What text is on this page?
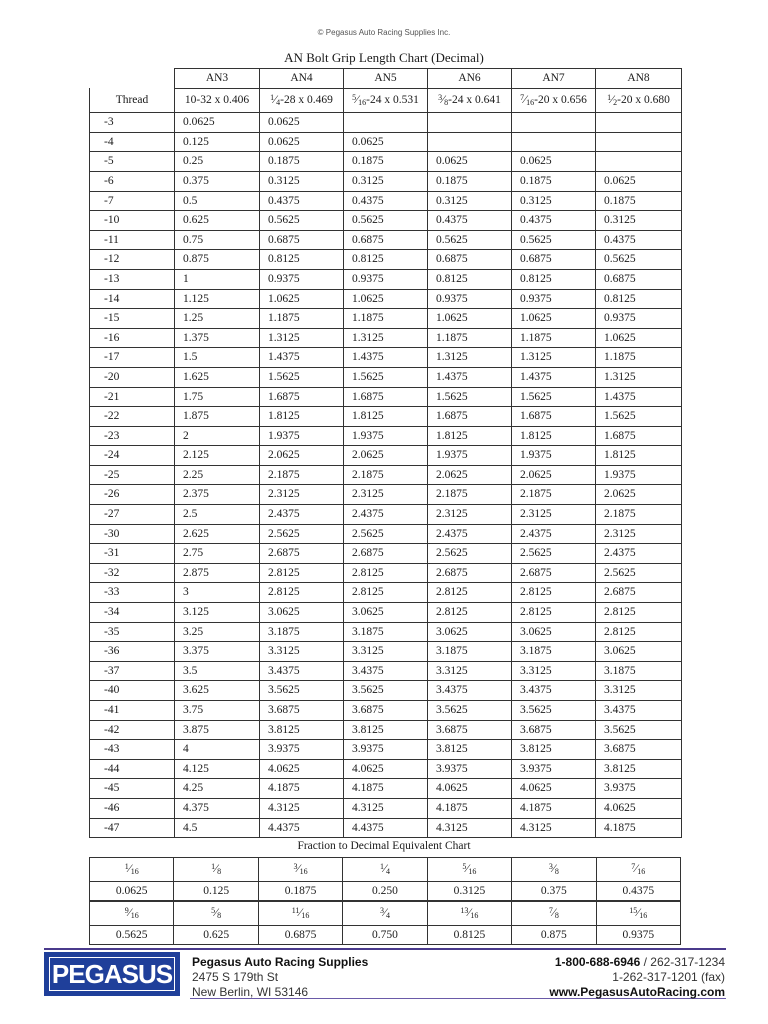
© Pegasus Auto Racing Supplies Inc.
AN Bolt Grip Length Chart (Decimal)
	AN3	AN4	AN5	AN6	AN7	AN8
Thread	10-32 x 0.406	$^1⁄_4-28$ x 0.469	$^5⁄_{16}-24$ x 0.531	$^3⁄_8-24$ x 0.641	$^7⁄_{16}-20$ x 0.656	$^1⁄_2-20$ x 0.680
-3	0.0625	0.0625				
-4	0.125	0.0625	0.0625			
-5	0.25	0.1875	0.1875	0.0625	0.0625	
-6	0.375	0.3125	0.3125	0.1875	0.1875	0.0625
-7	0.5	0.4375	0.4375	0.3125	0.3125	0.1875
-10	0.625	0.5625	0.5625	0.4375	0.4375	0.3125
-11	0.75	0.6875	0.6875	0.5625	0.5625	0.4375
-12	0.875	0.8125	0.8125	0.6875	0.6875	0.5625
-13	1	0.9375	0.9375	0.8125	0.8125	0.6875
-14	1.125	1.0625	1.0625	0.9375	0.9375	0.8125
-15	1.25	1.1875	1.1875	1.0625	1.0625	0.9375
-16	1.375	1.3125	1.3125	1.1875	1.1875	1.0625
-17	1.5	1.4375	1.4375	1.3125	1.3125	1.1875
-20	1.625	1.5625	1.5625	1.4375	1.4375	1.3125
-21	1.75	1.6875	1.6875	1.5625	1.5625	1.4375
-22	1.875	1.8125	1.8125	1.6875	1.6875	1.5625
-23	2	1.9375	1.9375	1.8125	1.8125	1.6875
-24	2.125	2.0625	2.0625	1.9375	1.9375	1.8125
-25	2.25	2.1875	2.1875	2.0625	2.0625	1.9375
-26	2.375	2.3125	2.3125	2.1875	2.1875	2.0625
-27	2.5	2.4375	2.4375	2.3125	2.3125	2.1875
-30	2.625	2.5625	2.5625	2.4375	2.4375	2.3125
-31	2.75	2.6875	2.6875	2.5625	2.5625	2.4375
-32	2.875	2.8125	2.8125	2.6875	2.6875	2.5625
-33	3	2.8125	2.8125	2.8125	2.8125	2.6875
-34	3.125	3.0625	3.0625	2.8125	2.8125	2.8125
-35	3.25	3.1875	3.1875	3.0625	3.0625	2.8125
-36	3.375	3.3125	3.3125	3.1875	3.1875	3.0625
-37	3.5	3.4375	3.4375	3.3125	3.3125	3.1875
-40	3.625	3.5625	3.5625	3.4375	3.4375	3.3125
-41	3.75	3.6875	3.6875	3.5625	3.5625	3.4375
-42	3.875	3.8125	3.8125	3.6875	3.6875	3.5625
-43	4	3.9375	3.9375	3.8125	3.8125	3.6875
-44	4.125	4.0625	4.0625	3.9375	3.9375	3.8125
-45	4.25	4.1875	4.1875	4.0625	4.0625	3.9375
-46	4.375	4.3125	4.3125	4.1875	4.1875	4.0625
-47	4.5	4.4375	4.4375	4.3125	4.3125	4.1875
Fraction to Decimal Equivalent Chart
$^1⁄_{16}$	$^1⁄_8$	$^3⁄_{16}$	$^1⁄_4$	$^5⁄_{16}$	$^3⁄_8$	$^7⁄_{16}$
0.0625	0.125	0.1875	0.250	0.3125	0.375	0.4375
$^9⁄_{16}$	$^5⁄_8$	$^{11}⁄_{16}$	$^3⁄_4$	$^{13}⁄_{16}$	$^7⁄_8$	$^{15}⁄_{16}$
0.5625	0.625	0.6875	0.750	0.8125	0.875	0.9375
PEGASUS Pegasus Auto Racing Supplies
2475 S 179th St
New Berlin, WI 53146
1-800-688-6946 / 262-317-1234
1-262-317-1201 (fax)
www.PegasusAutoRacing.com
